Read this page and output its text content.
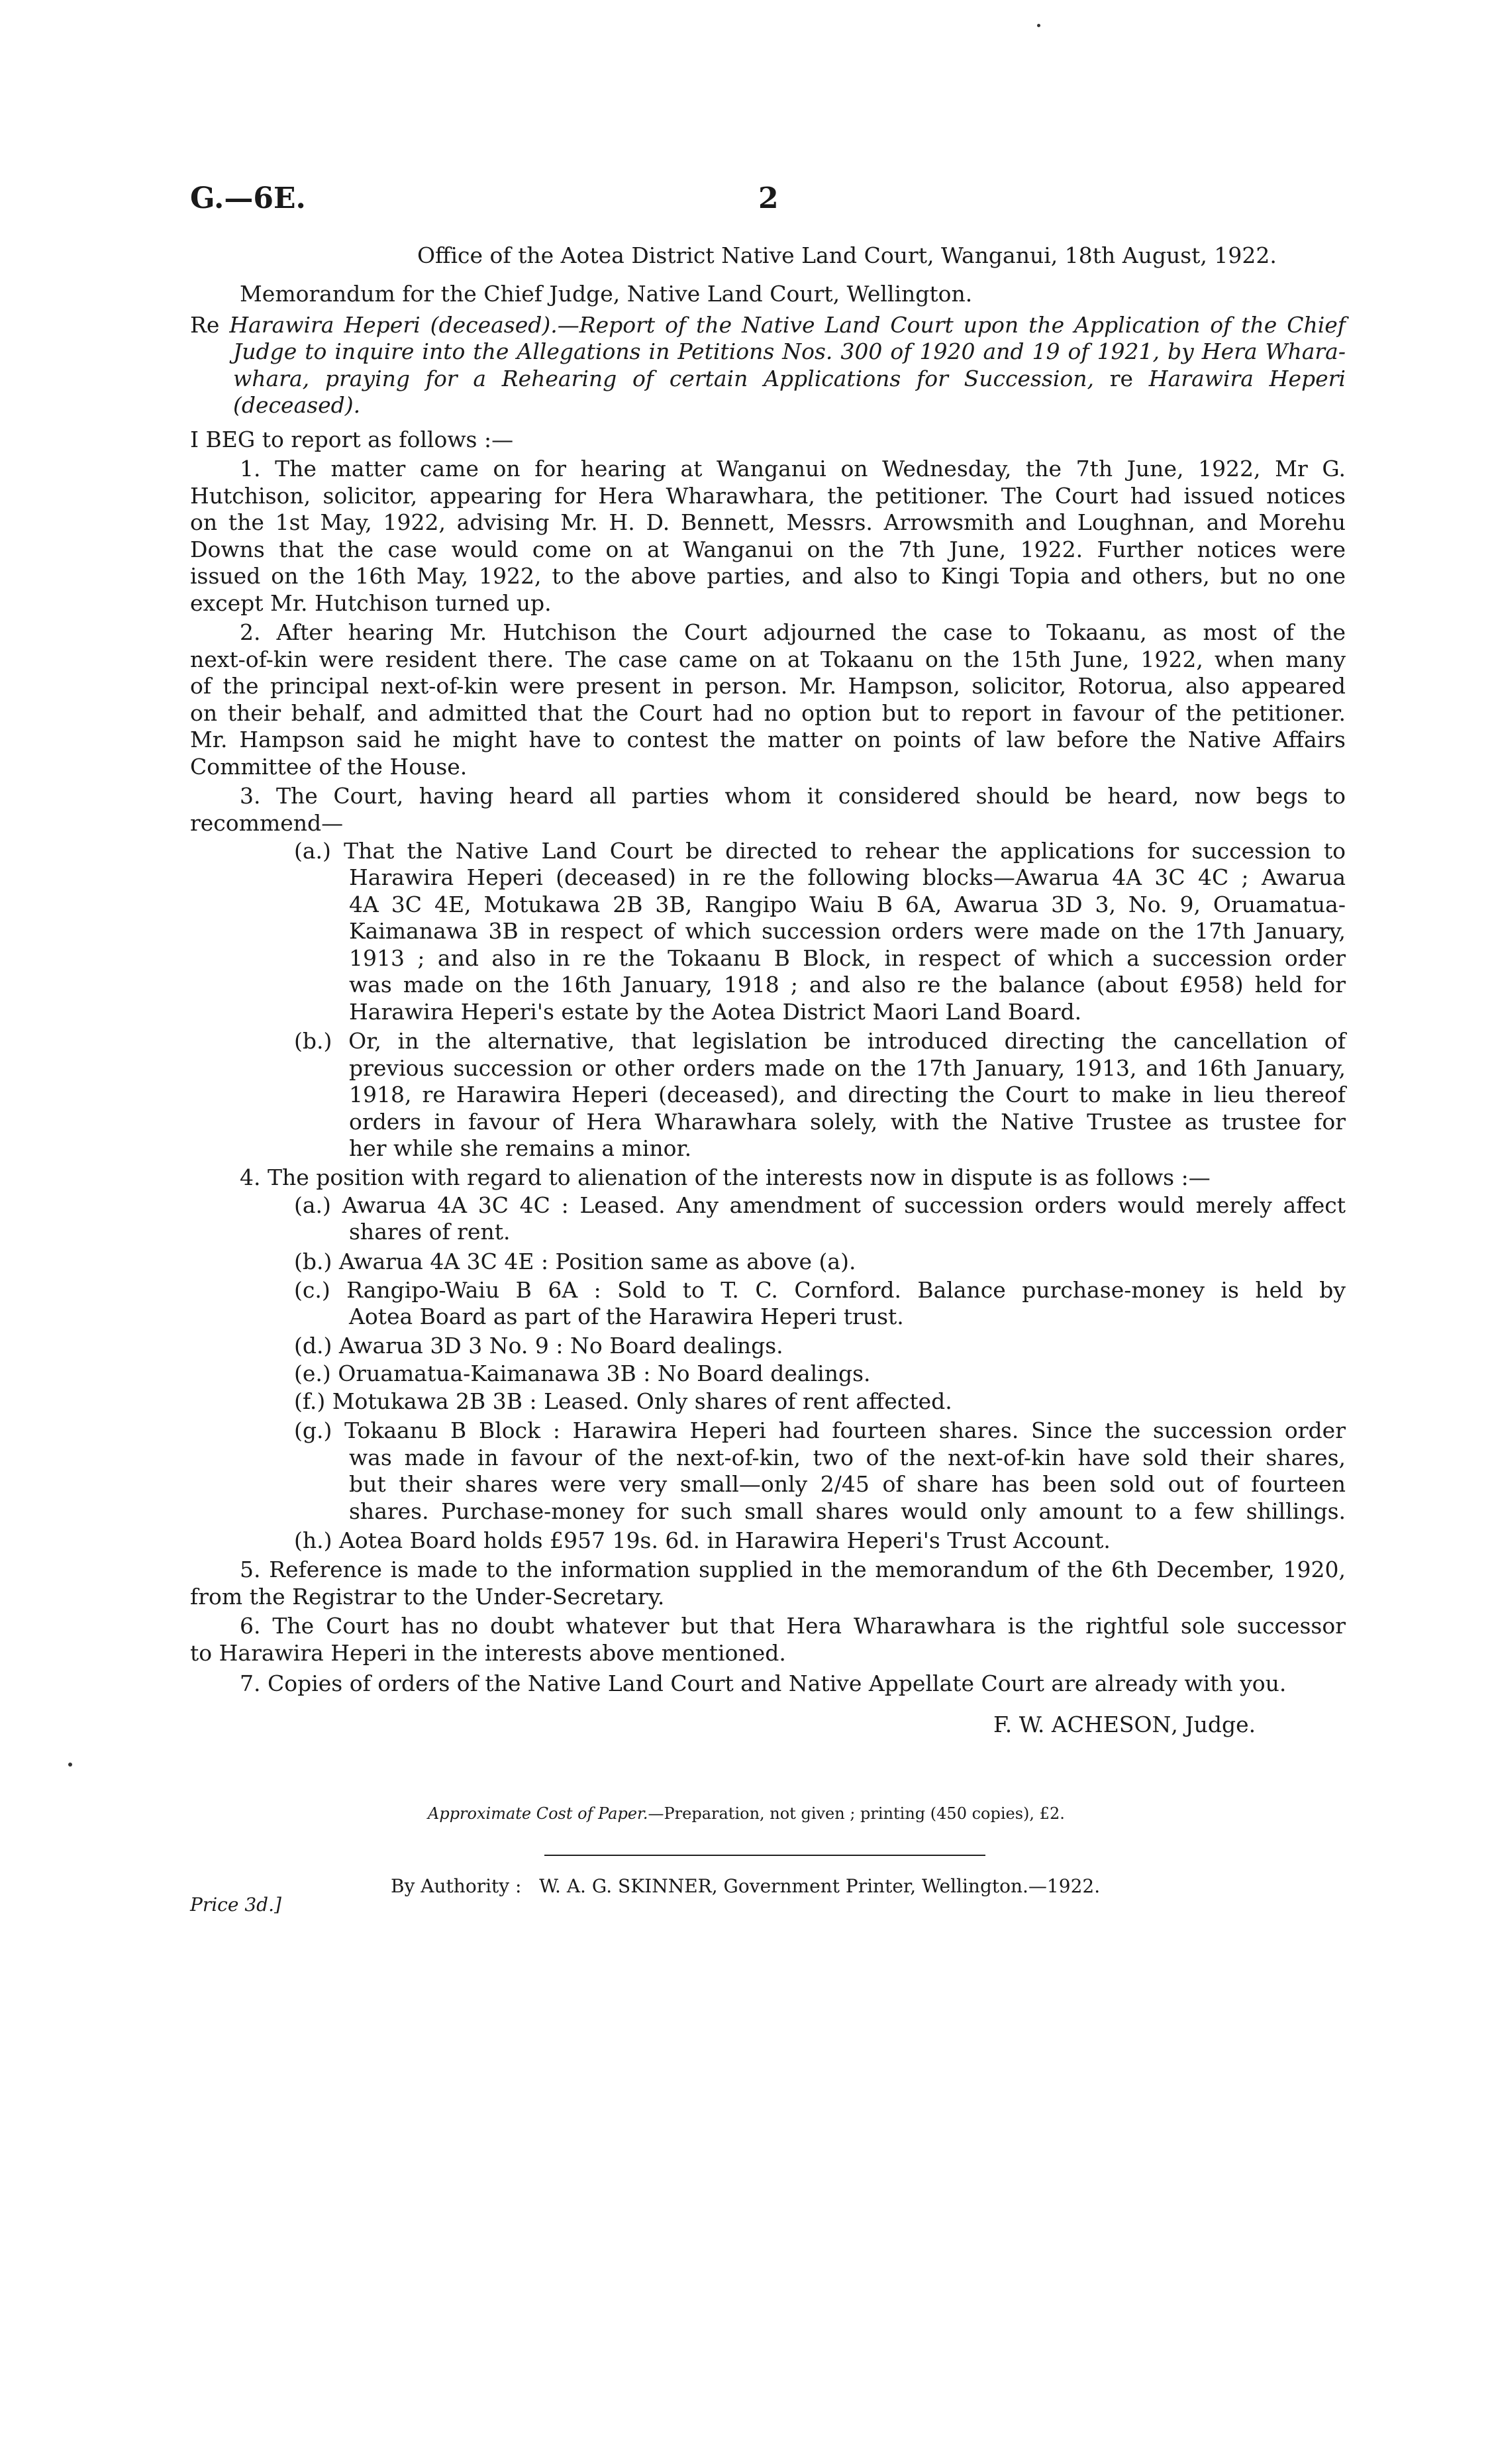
G.—6E.	2
Office of the Aotea District Native Land Court, Wanganui, 18th August, 1922.
Memorandum for the Chief Judge, Native Land Court, Wellington.
Re Harawira Heperi (deceased).—Report of the Native Land Court upon the Application of the Chief
Judge to inquire into the Allegations in Petitions Nos. 300 of 1920 and 19 of 1921, by Hera Whara-
whara, praying for a Rehearing of certain Applications for Succession, re Harawira Heperi
(deceased).
I BEG to report as follows :—
1. The matter came on for hearing at Wanganui on Wednesday, the 7th June, 1922, Mr G.
Hutchison, solicitor, appearing for Hera Wharawhara, the petitioner. The Court had issued notices
on the 1st May, 1922, advising Mr. H. D. Bennett, Messrs. Arrowsmith and Loughnan, and Morehu
Downs that the case would come on at Wanganui on the 7th June, 1922. Further notices were
issued on the 16th May, 1922, to the above parties, and also to Kingi Topia and others, but no one
except Mr. Hutchison turned up.
2. After hearing Mr. Hutchison the Court adjourned the case to Tokaanu, as most of the
next-of-kin were resident there. The case came on at Tokaanu on the 15th June, 1922, when many
of the principal next-of-kin were present in person. Mr. Hampson, solicitor, Rotorua, also appeared
on their behalf, and admitted that the Court had no option but to report in favour of the petitioner.
Mr. Hampson said he might have to contest the matter on points of law before the Native Affairs
Committee of the House.
3. The Court, having heard all parties whom it considered should be heard, now begs to
recommend—
(a.) That the Native Land Court be directed to rehear the applications for succession to
Harawira Heperi (deceased) in re the following blocks—Awarua 4A 3C 4C ; Awarua
4A 3C 4E, Motukawa 2B 3B, Rangipo Waiu B 6A, Awarua 3D 3, No. 9, Oruamatua-
Kaimanawa 3B in respect of which succession orders were made on the 17th January,
1913 ; and also in re the Tokaanu B Block, in respect of which a succession order
was made on the 16th January, 1918 ; and also re the balance (about £958) held for
Harawira Heperi's estate by the Aotea District Maori Land Board.
(b.) Or, in the alternative, that legislation be introduced directing the cancellation of
previous succession or other orders made on the 17th January, 1913, and 16th January,
1918, re Harawira Heperi (deceased), and directing the Court to make in lieu thereof
orders in favour of Hera Wharawhara solely, with the Native Trustee as trustee for
her while she remains a minor.
4. The position with regard to alienation of the interests now in dispute is as follows :—
(a.) Awarua 4A 3C 4C : Leased. Any amendment of succession orders would merely affect
shares of rent.
(b.) Awarua 4A 3C 4E : Position same as above (a).
(c.) Rangipo-Waiu B 6A : Sold to T. C. Cornford. Balance purchase-money is held by
Aotea Board as part of the Harawira Heperi trust.
(d.) Awarua 3D 3 No. 9 : No Board dealings.
(e.) Oruamatua-Kaimanawa 3B : No Board dealings.
(f.) Motukawa 2B 3B : Leased. Only shares of rent affected.
(g.) Tokaanu B Block : Harawira Heperi had fourteen shares. Since the succession order
was made in favour of the next-of-kin, two of the next-of-kin have sold their shares,
but their shares were very small—only 2/45 of share has been sold out of fourteen
shares. Purchase-money for such small shares would only amount to a few shillings.
(h.) Aotea Board holds £957 19s. 6d. in Harawira Heperi's Trust Account.
5. Reference is made to the information supplied in the memorandum of the 6th December, 1920,
from the Registrar to the Under-Secretary.
6. The Court has no doubt whatever but that Hera Wharawhara is the rightful sole successor
to Harawira Heperi in the interests above mentioned.
7. Copies of orders of the Native Land Court and Native Appellate Court are already with you.
F. W. ACHESON, Judge.
Approximate Cost of Paper.—Preparation, not given ; printing (450 copies), £2.
By Authority : W. A. G. SKINNER, Government Printer, Wellington.—1922.
Price 3d.]
